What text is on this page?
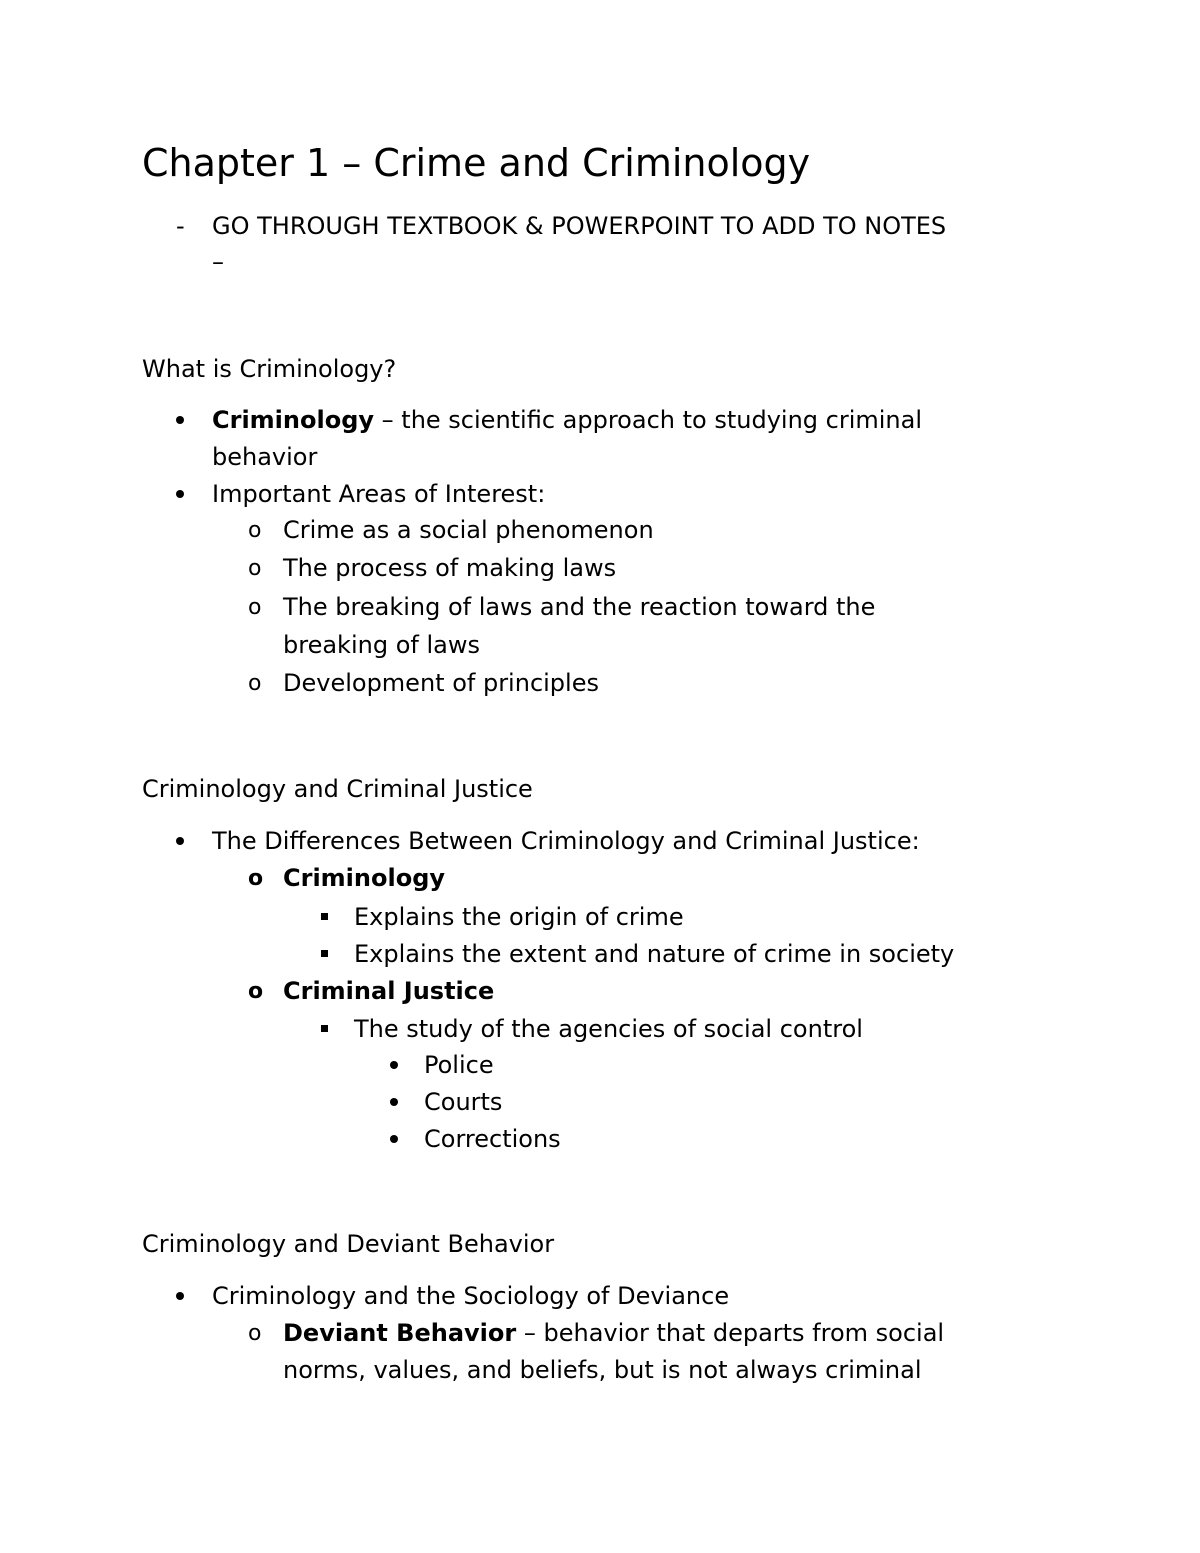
Chapter 1 – Crime and Criminology
- GO THROUGH TEXTBOOK & POWERPOINT TO ADD TO NOTES
–
What is Criminology?
Criminology – the scientific approach to studying criminal
behavior
Important Areas of Interest:
o Crime as a social phenomenon
o The process of making laws
o The breaking of laws and the reaction toward the
breaking of laws
o Development of principles
Criminology and Criminal Justice
The Differences Between Criminology and Criminal Justice:
o Criminology
Explains the origin of crime
Explains the extent and nature of crime in society
o Criminal Justice
The study of the agencies of social control
Police
Courts
Corrections
Criminology and Deviant Behavior
Criminology and the Sociology of Deviance
o Deviant Behavior – behavior that departs from social
norms, values, and beliefs, but is not always criminal
